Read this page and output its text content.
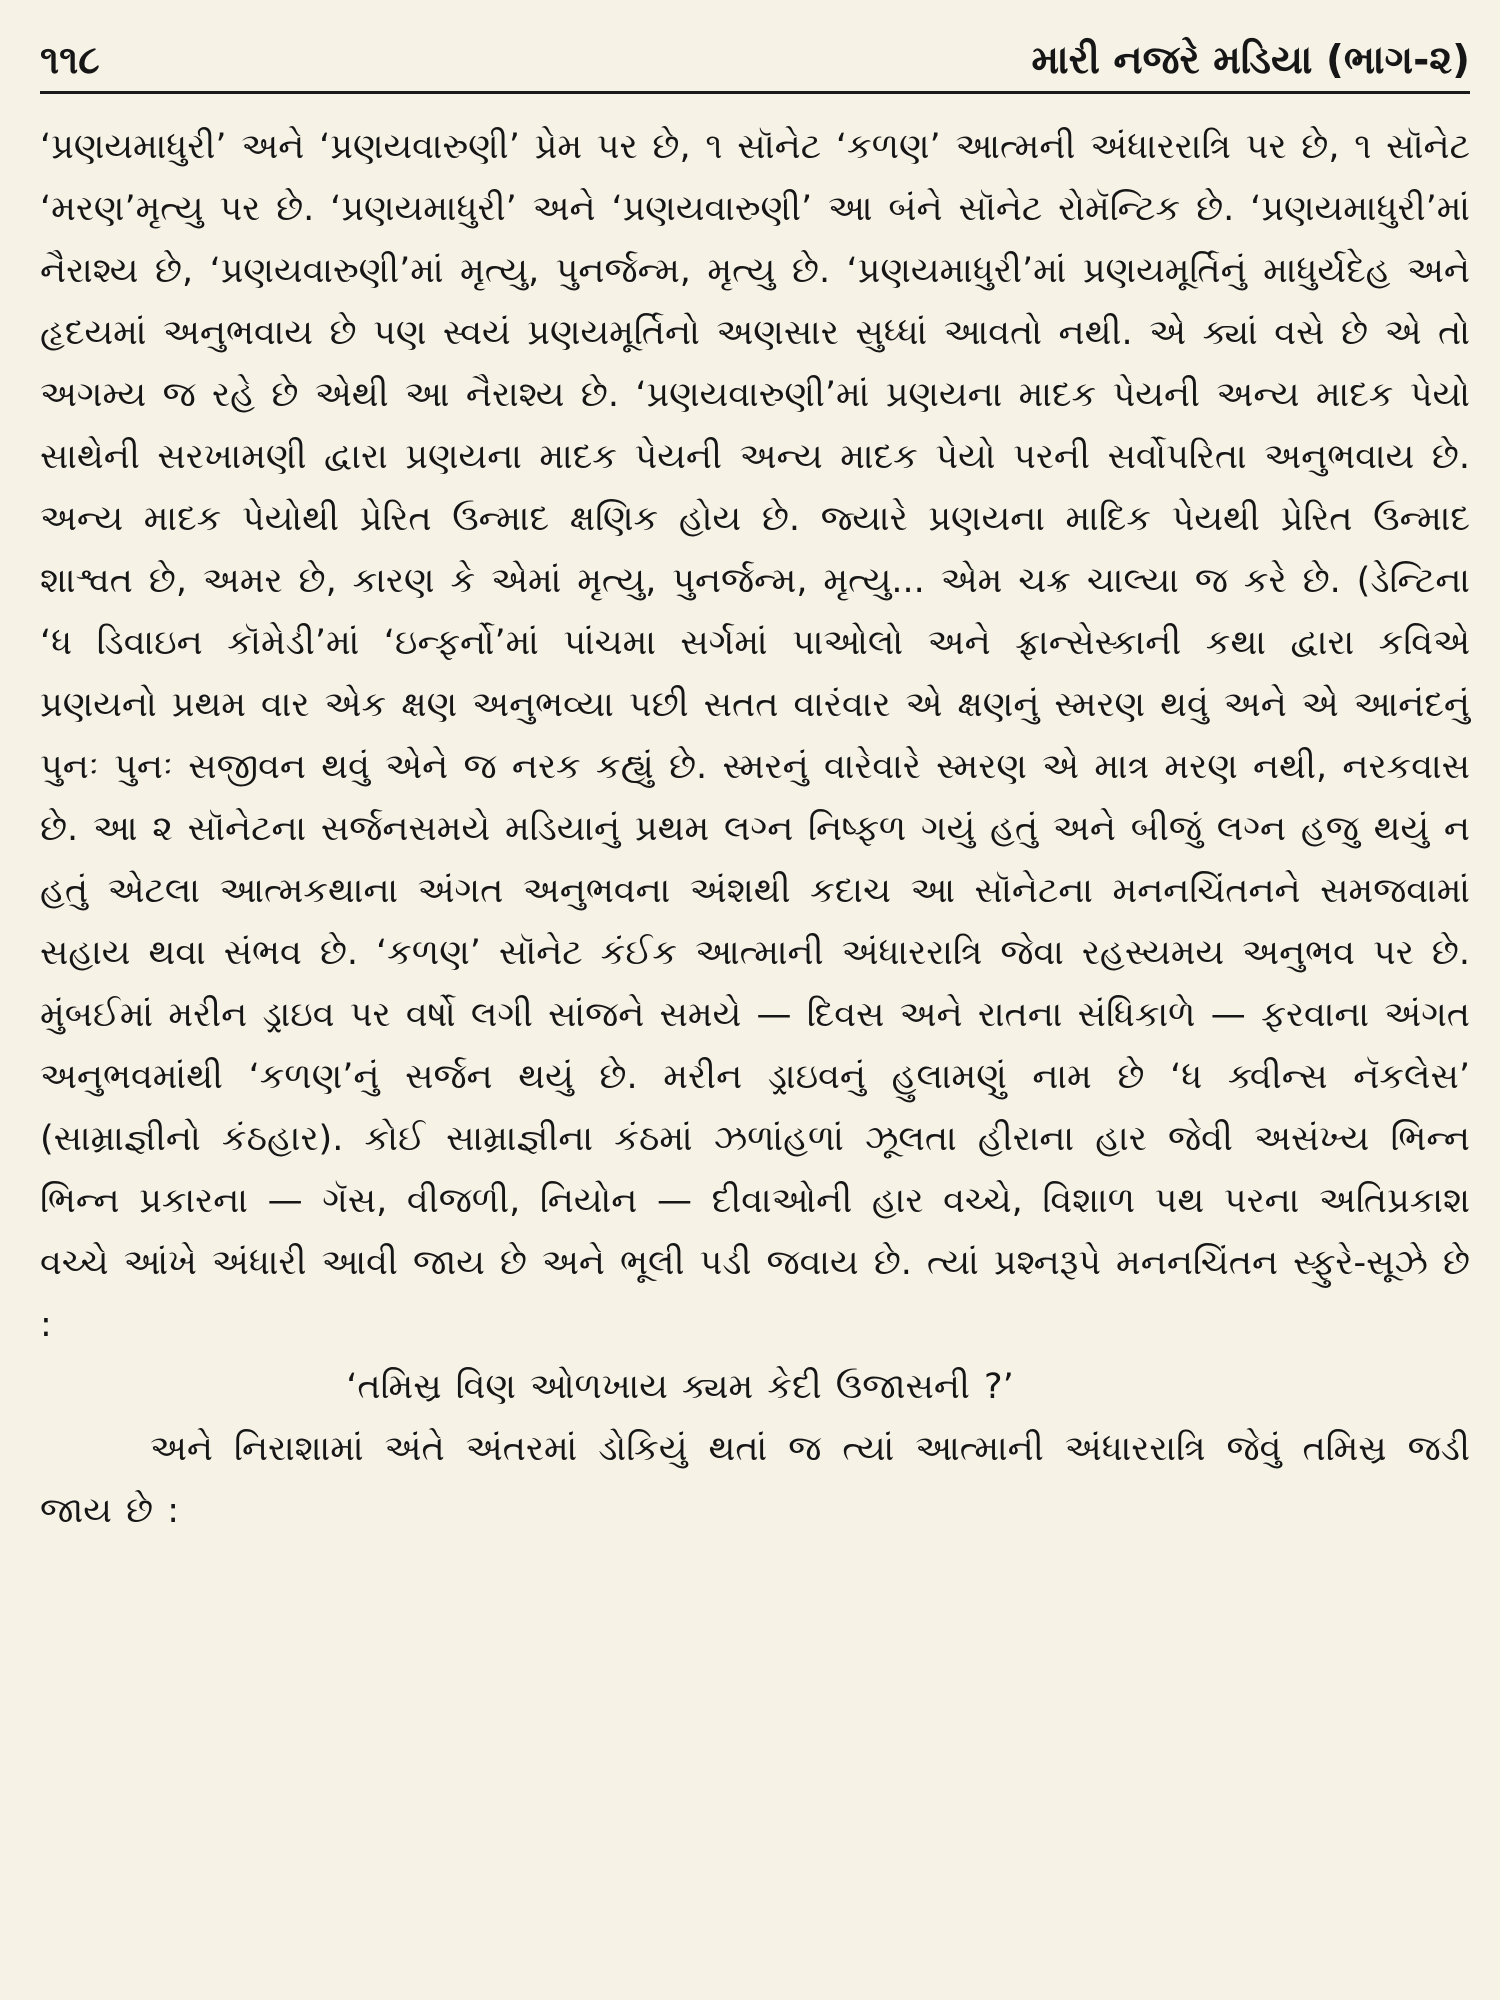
૧૧૮	મારી નજરે મડિયા (ભાગ-૨)

‘પ્રણયમાધુરી’ અને ‘પ્રણયવારુણી’ પ્રેમ પર છે, ૧ સૉનેટ ‘કળણ’ આત્મની અંધારરાત્રિ પર છે, ૧ સૉનેટ ‘મરણ’મૃત્યુ પર છે. ‘પ્રણયમાધુરી’ અને ‘પ્રણયવારુણી’ આ બંને સૉનેટ રોમૅન્ટિક છે. ‘પ્રણયમાધુરી’માં નૈરાશ્ય છે, ‘પ્રણયવારુણી’માં મૃત્યુ, પુનર્જન્મ, મૃત્યુ છે. ‘પ્રણયમાધુરી’માં પ્રણયમૂર્તિનું માધુર્યદેહ અને હૃદયમાં અનુભવાય છે પણ સ્વયં પ્રણયમૂર્તિનો અણસાર સુધ્ધાં આવતો નથી. એ ક્યાં વસે છે એ તો અગમ્ય જ રહે છે એથી આ નૈરાશ્ય છે. ‘પ્રણયવારુણી’માં પ્રણયના માદક પેયની અન્ય માદક પેયો સાથેની સરખામણી દ્વારા પ્રણયના માદક પેયની અન્ય માદક પેયો પરની સર્વોપરિતા અનુભવાય છે. અન્ય માદક પેયોથી પ્રેરિત ઉન્માદ ક્ષણિક હોય છે. જ્યારે પ્રણયના માદિક પેયથી પ્રેરિત ઉન્માદ શાશ્વત છે, અમર છે, કારણ કે એમાં મૃત્યુ, પુનર્જન્મ, મૃત્યુ... એમ ચક્ર ચાલ્યા જ કરે છે. (ડેન્ટિના ‘ધ ડિવાઇન કૉમેડી’માં ‘ઇન્ફર્નો’માં પાંચમા સર્ગમાં પાઓલો અને ફ્રાન્સેસ્કાની કથા દ્વારા કવિએ પ્રણયનો પ્રથમ વાર એક ક્ષણ અનુભવ્યા પછી સતત વારંવાર એ ક્ષણનું સ્મરણ થવું અને એ આનંદનું પુનઃ પુનઃ સજીવન થવું એને જ નરક કહ્યું છે. સ્મરનું વારેવારે સ્મરણ એ માત્ર મરણ નથી, નરકવાસ છે. આ ૨ સૉનેટના સર્જનસમયે મડિયાનું પ્રથમ લગ્ન નિષ્ફળ ગયું હતું અને બીજું લગ્ન હજુ થયું ન હતું એટલા આત્મકથાના અંગત અનુભવના અંશથી કદાચ આ સૉનેટના મનનચિંતનને સમજવામાં સહાય થવા સંભવ છે. ‘કળણ’ સૉનેટ કંઈક આત્માની અંધારરાત્રિ જેવા રહસ્યમય અનુભવ પર છે. મુંબઈમાં મરીન ડ્રાઇવ પર વર્ષો લગી સાંજને સમયે — દિવસ અને રાતના સંધિકાળે — ફરવાના અંગત અનુભવમાંથી ‘કળણ’નું સર્જન થયું છે. મરીન ડ્રાઇવનું હુલામણું નામ છે ‘ધ ક્વીન્સ નૅકલેસ’ (સામ્રાજ્ઞીનો કંઠહાર). કોઈ સામ્રાજ્ઞીના કંઠમાં ઝળાંહળાં ઝૂલતા હીરાના હાર જેવી અસંખ્ય ભિન્ન ભિન્ન પ્રકારના — ગૅસ, વીજળી, નિયોન — દીવાઓની હાર વચ્ચે, વિશાળ પથ પરના અતિપ્રકાશ વચ્ચે આંખે અંધારી આવી જાય છે અને ભૂલી પડી જવાય છે. ત્યાં પ્રશ્નરૂપે મનનચિંતન સ્ફુરે-સૂઝે છે :

‘તમિસ્ર વિણ ઓળખાય ક્યમ કેદી ઉજાસની ?’

અને નિરાશામાં અંતે અંતરમાં ડોકિયું થતાં જ ત્યાં આત્માની અંધારરાત્રિ જેવું તમિસ્ર જડી જાય છે :
